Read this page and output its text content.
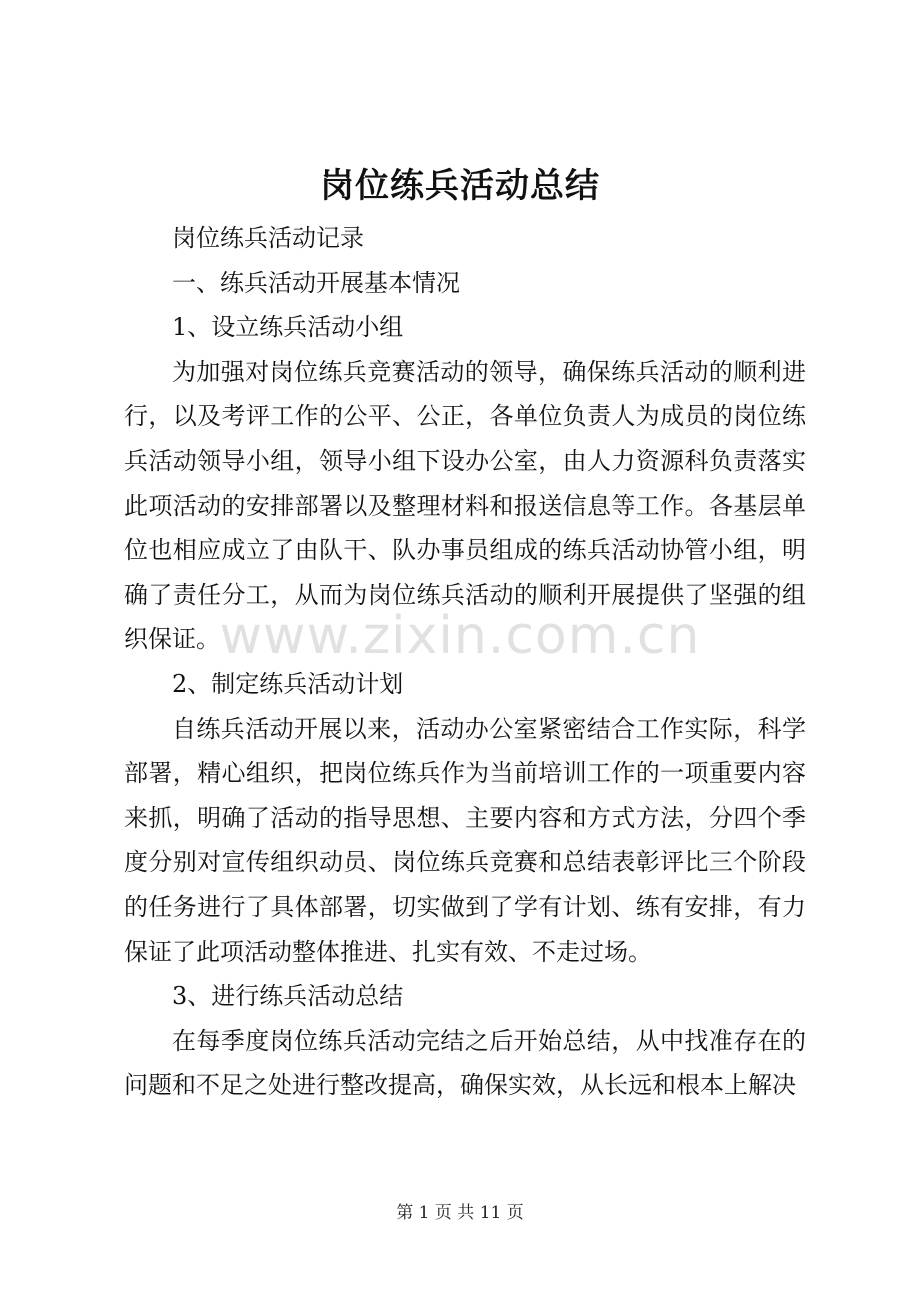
岗位练兵活动总结

岗位练兵活动记录

一、练兵活动开展基本情况

1、设立练兵活动小组

为加强对岗位练兵竞赛活动的领导，确保练兵活动的顺利进行，以及考评工作的公平、公正，各单位负责人为成员的岗位练兵活动领导小组，领导小组下设办公室，由人力资源科负责落实此项活动的安排部署以及整理材料和报送信息等工作。各基层单位也相应成立了由队干、队办事员组成的练兵活动协管小组，明确了责任分工，从而为岗位练兵活动的顺利开展提供了坚强的组织保证。

2、制定练兵活动计划

自练兵活动开展以来，活动办公室紧密结合工作实际，科学部署，精心组织，把岗位练兵作为当前培训工作的一项重要内容来抓，明确了活动的指导思想、主要内容和方式方法，分四个季度分别对宣传组织动员、岗位练兵竞赛和总结表彰评比三个阶段的任务进行了具体部署，切实做到了学有计划、练有安排，有力保证了此项活动整体推进、扎实有效、不走过场。

3、进行练兵活动总结

在每季度岗位练兵活动完结之后开始总结，从中找准存在的问题和不足之处进行整改提高，确保实效，从长远和根本上解决

www.zixin.com.cn
第 1 页 共 11 页
